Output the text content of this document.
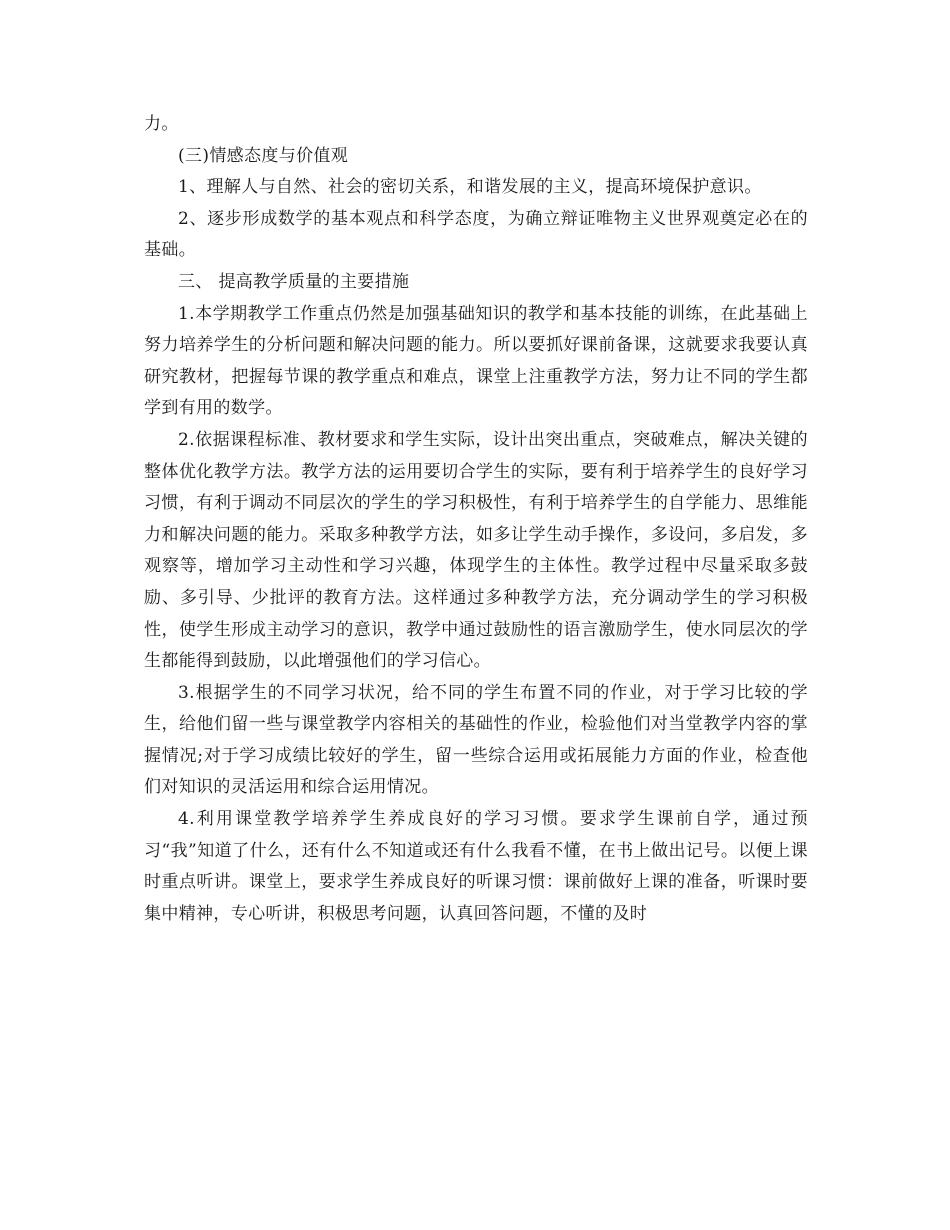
力。

(三)情感态度与价值观

1、理解人与自然、社会的密切关系，和谐发展的主义，提高环境保护意识。

2、逐步形成数学的基本观点和科学态度，为确立辩证唯物主义世界观奠定必在的基础。

三、 提高教学质量的主要措施

1.本学期教学工作重点仍然是加强基础知识的教学和基本技能的训练，在此基础上努力培养学生的分析问题和解决问题的能力。所以要抓好课前备课，这就要求我要认真研究教材，把握每节课的教学重点和难点，课堂上注重教学方法，努力让不同的学生都学到有用的数学。

2.依据课程标准、教材要求和学生实际，设计出突出重点，突破难点，解决关键的整体优化教学方法。教学方法的运用要切合学生的实际，要有利于培养学生的良好学习习惯，有利于调动不同层次的学生的学习积极性，有利于培养学生的自学能力、思维能力和解决问题的能力。采取多种教学方法，如多让学生动手操作，多设问，多启发，多观察等，增加学习主动性和学习兴趣，体现学生的主体性。教学过程中尽量采取多鼓励、多引导、少批评的教育方法。这样通过多种教学方法，充分调动学生的学习积极性，使学生形成主动学习的意识，教学中通过鼓励性的语言激励学生，使水同层次的学生都能得到鼓励，以此增强他们的学习信心。

3.根据学生的不同学习状况，给不同的学生布置不同的作业，对于学习比较的学生，给他们留一些与课堂教学内容相关的基础性的作业，检验他们对当堂教学内容的掌握情况;对于学习成绩比较好的学生，留一些综合运用或拓展能力方面的作业，检查他们对知识的灵活运用和综合运用情况。

4.利用课堂教学培养学生养成良好的学习习惯。要求学生课前自学，通过预习“我”知道了什么，还有什么不知道或还有什么我看不懂，在书上做出记号。以便上课时重点听讲。课堂上，要求学生养成良好的听课习惯：课前做好上课的准备，听课时要集中精神，专心听讲，积极思考问题，认真回答问题，不懂的及时
